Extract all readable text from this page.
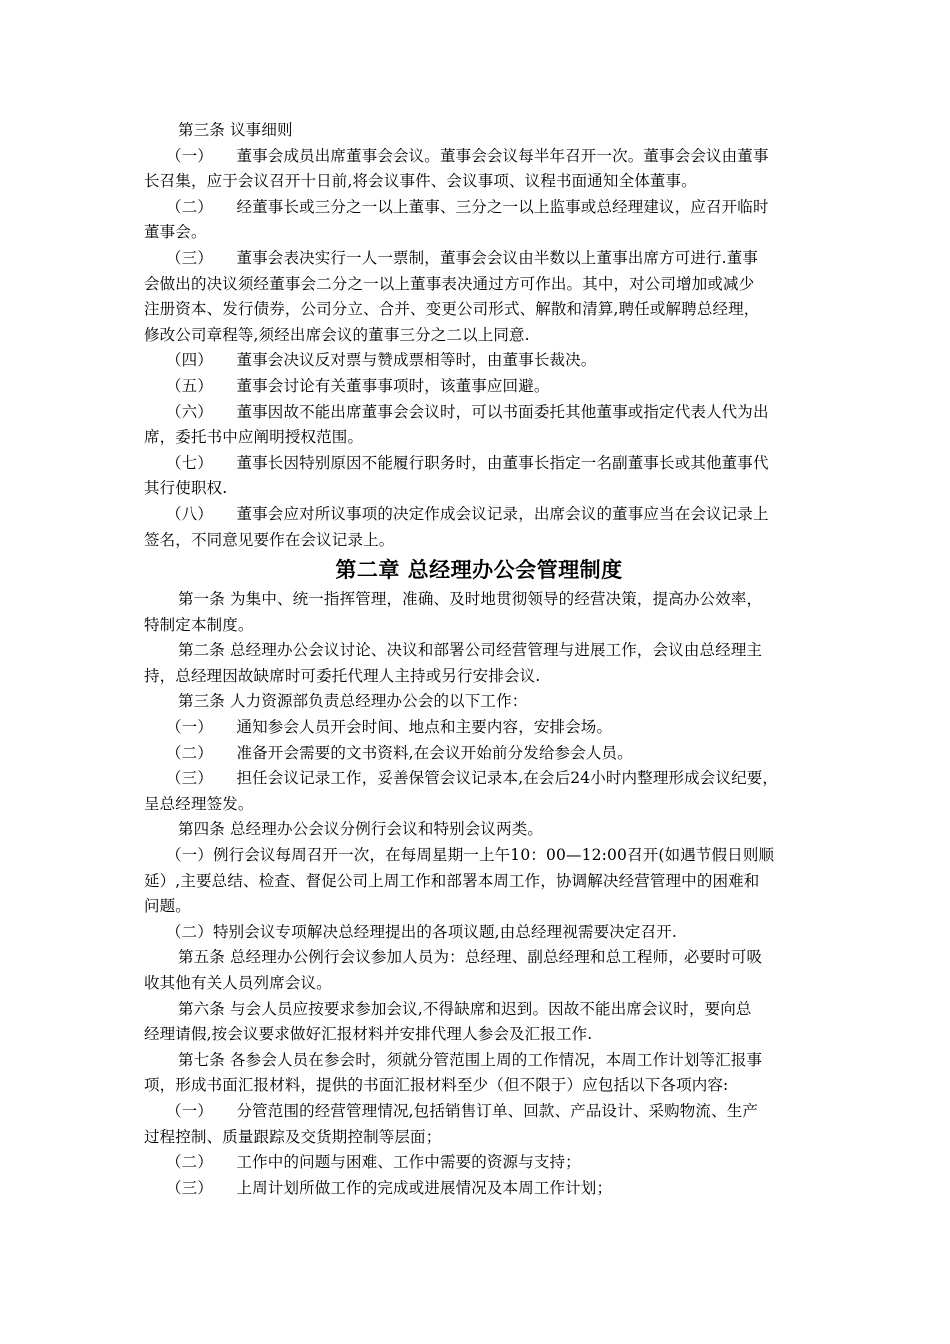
第三条 议事细则
（一）　　董事会成员出席董事会会议。董事会会议每半年召开一次。董事会会议由董事
长召集，应于会议召开十日前,将会议事件、会议事项、议程书面通知全体董事。
（二）　　经董事长或三分之一以上董事、三分之一以上监事或总经理建议，应召开临时
董事会。
（三）　　董事会表决实行一人一票制，董事会会议由半数以上董事出席方可进行.董事
会做出的决议须经董事会二分之一以上董事表决通过方可作出。其中，对公司增加或减少
注册资本、发行债券，公司分立、合并、变更公司形式、解散和清算,聘任或解聘总经理，
修改公司章程等,须经出席会议的董事三分之二以上同意.
（四）　　董事会决议反对票与赞成票相等时，由董事长裁决。
（五）　　董事会讨论有关董事事项时，该董事应回避。
（六）　　董事因故不能出席董事会会议时，可以书面委托其他董事或指定代表人代为出
席，委托书中应阐明授权范围。
（七）　　董事长因特别原因不能履行职务时，由董事长指定一名副董事长或其他董事代
其行使职权.
（八）　　董事会应对所议事项的决定作成会议记录，出席会议的董事应当在会议记录上
签名，不同意见要作在会议记录上。
第二章 总经理办公会管理制度
第一条 为集中、统一指挥管理，准确、及时地贯彻领导的经营决策，提高办公效率，
特制定本制度。
第二条 总经理办公会议讨论、决议和部署公司经营管理与进展工作，会议由总经理主
持，总经理因故缺席时可委托代理人主持或另行安排会议.
第三条 人力资源部负责总经理办公会的以下工作：
（一）　　通知参会人员开会时间、地点和主要内容，安排会场。
（二）　　准备开会需要的文书资料,在会议开始前分发给参会人员。
（三）　　担任会议记录工作，妥善保管会议记录本,在会后24小时内整理形成会议纪要，
呈总经理签发。
第四条 总经理办公会议分例行会议和特别会议两类。
（一）例行会议每周召开一次，在每周星期一上午10：00—12:00召开(如遇节假日则顺
延）,主要总结、检查、督促公司上周工作和部署本周工作，协调解决经营管理中的困难和
问题。
（二）特别会议专项解决总经理提出的各项议题,由总经理视需要决定召开.
第五条 总经理办公例行会议参加人员为：总经理、副总经理和总工程师，必要时可吸
收其他有关人员列席会议。
第六条 与会人员应按要求参加会议,不得缺席和迟到。因故不能出席会议时，要向总
经理请假,按会议要求做好汇报材料并安排代理人参会及汇报工作.
第七条 各参会人员在参会时，须就分管范围上周的工作情况，本周工作计划等汇报事
项，形成书面汇报材料，提供的书面汇报材料至少（但不限于）应包括以下各项内容:
（一）　　分管范围的经营管理情况,包括销售订单、回款、产品设计、采购物流、生产
过程控制、质量跟踪及交货期控制等层面；
（二）　　工作中的问题与困难、工作中需要的资源与支持；
（三）　　上周计划所做工作的完成或进展情况及本周工作计划；
